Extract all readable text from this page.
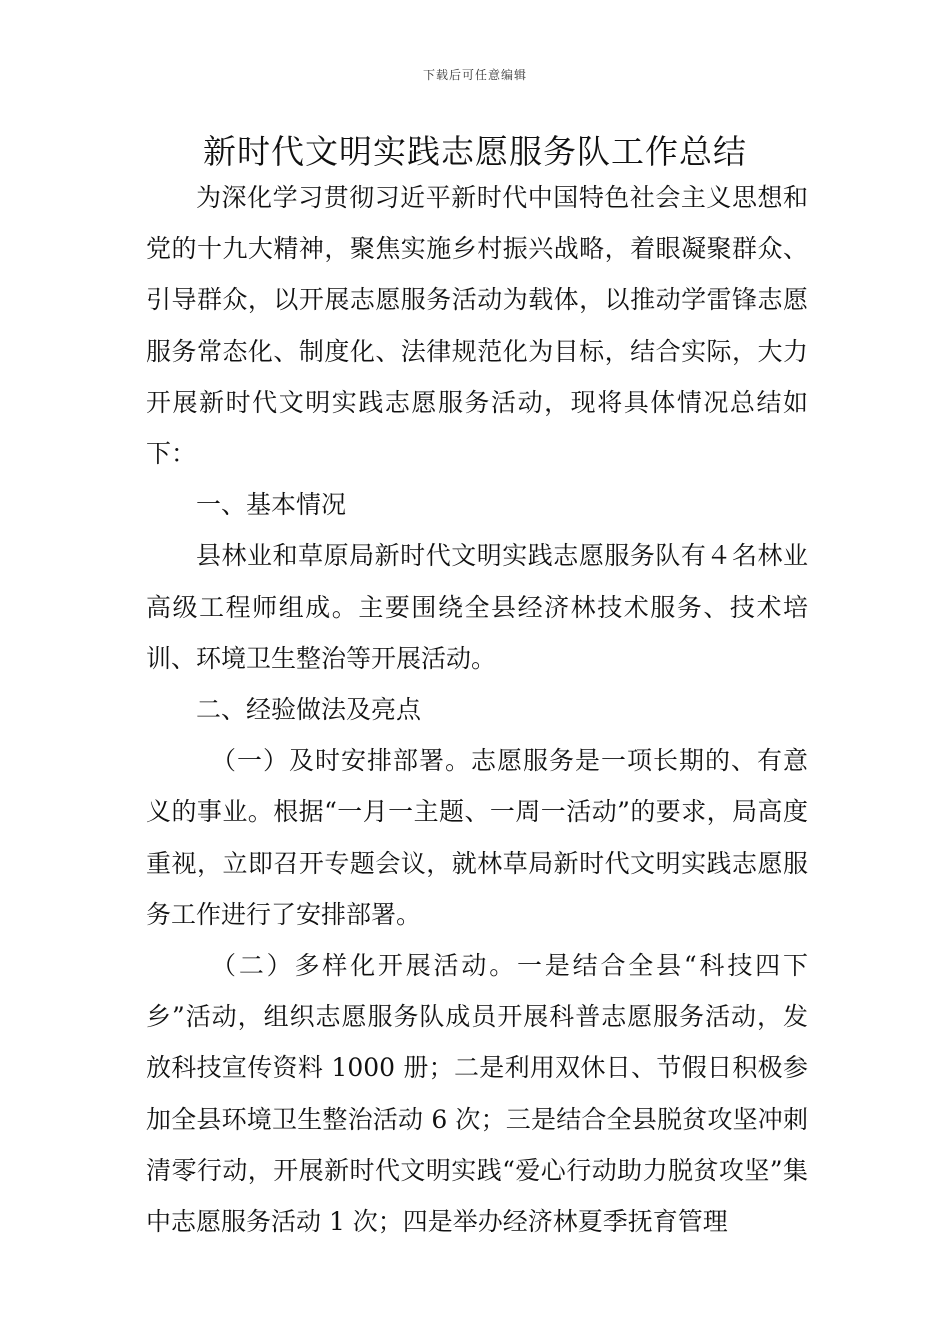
下载后可任意编辑
新时代文明实践志愿服务队工作总结

为深化学习贯彻习近平新时代中国特色社会主义思想和党的十九大精神，聚焦实施乡村振兴战略，着眼凝聚群众、引导群众，以开展志愿服务活动为载体，以推动学雷锋志愿服务常态化、制度化、法律规范化为目标，结合实际，大力开展新时代文明实践志愿服务活动，现将具体情况总结如下：

一、基本情况

县林业和草原局新时代文明实践志愿服务队有４名林业高级工程师组成。主要围绕全县经济林技术服务、技术培训、环境卫生整治等开展活动。

二、经验做法及亮点

（一）及时安排部署。志愿服务是一项长期的、有意义的事业。根据“一月一主题、一周一活动”的要求，局高度重视，立即召开专题会议，就林草局新时代文明实践志愿服务工作进行了安排部署。

（二）多样化开展活动。一是结合全县“科技四下乡”活动，组织志愿服务队成员开展科普志愿服务活动，发放科技宣传资料 1000 册；二是利用双休日、节假日积极参加全县环境卫生整治活动 6 次；三是结合全县脱贫攻坚冲刺清零行动，开展新时代文明实践“爱心行动助力脱贫攻坚”集中志愿服务活动 1 次；四是举办经济林夏季抚育管理
